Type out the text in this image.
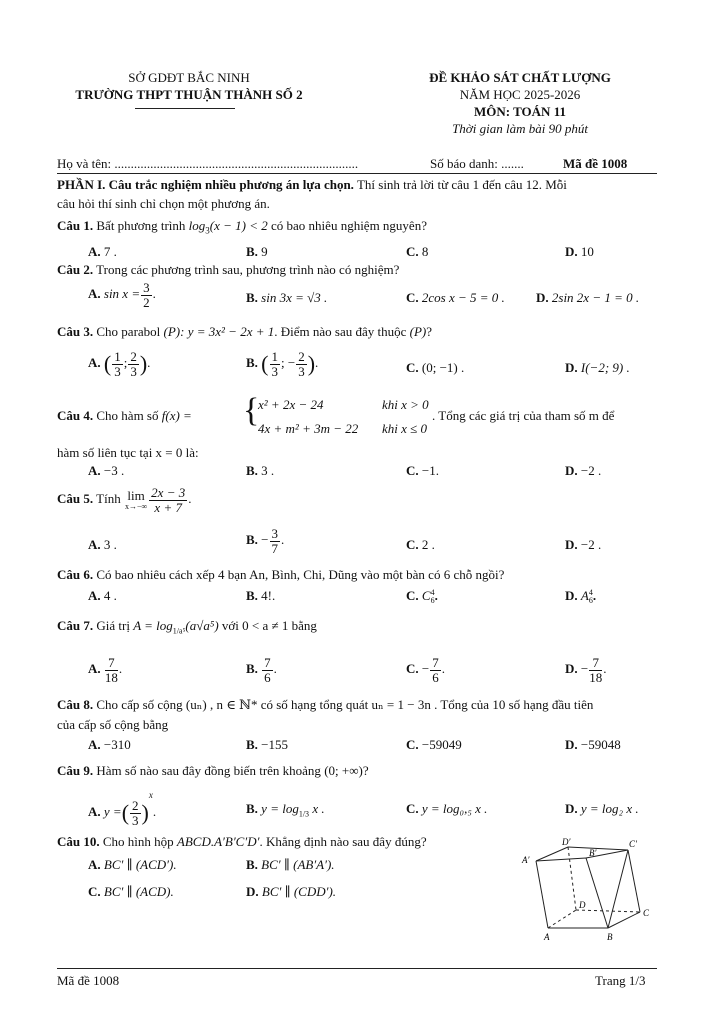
SỞ GDĐT BẮC NINH
TRƯỜNG THPT THUẬN THÀNH SỐ 2
ĐỀ KHẢO SÁT CHẤT LƯỢNG
NĂM HỌC 2025-2026
MÔN: TOÁN 11
Thời gian làm bài 90 phút
Họ và tên: ...........................................................................	Số báo danh: .......	Mã đề 1008
PHẦN I. Câu trắc nghiệm nhiều phương án lựa chọn. Thí sinh trả lời từ câu 1 đến câu 12. Mỗi
câu hỏi thí sinh chỉ chọn một phương án.
Câu 1. Bất phương trình $\log_3(x - 1) < 2$ có bao nhiêu nghiệm nguyên?
A. 7 .	B. 9	C. 8	D. 10
Câu 2. Trong các phương trình sau, phương trình nào có nghiệm?
A. $\sin x = \frac{3}{2}$ .	B. sin 3x = √3 .	C. 2cos x − 5 = 0 . D. 2sin 2x − 1 = 0 .
Câu 3. Cho parabol (P): y = 3x² − 2x + 1. Điểm nào sau đây thuộc (P)?
A. ( $\frac{1}{3}$ ; $\frac{2}{3}$ ).	B. ( $\frac{1}{3}$ ; − $\frac{2}{3}$ ).	C. (0; −1) .	D. I(−2; 9) .
Câu 4. Cho hàm số f(x) = {
x² + 2x − 24	khi x > 0
4x + m² + 3m − 22 khi x ≤ 0
. Tổng các giá trị của tham số m để
hàm số liên tục tại x = 0 là:
A. −3 .	B. 3 .	C. −1.	D. −2 .
Câu 5. Tính lim
$x\to-\infty \frac{2x - 3}{x + 7}$ .
A. 3 .	B. − $\frac{3}{7}$ .	C. 2 .	D. −2 .
Câu 6. Có bao nhiêu cách xếp 4 bạn An, Bình, Chi, Dũng vào một bàn có 6 chỗ ngồi?
A. 4 .	B. 4!.	C. C 4
6 .	D. A 4
6 .
Câu 7. Giá trị $A = \log_{1/a^5}(a√a^5)$ với 0 < a ≠ 1 bằng
A. $\frac{7}{18}$ .	B. $\frac{7}{6}$ .	C. − $\frac{7}{6}$ .	D. − $\frac{7}{18}$ .
Câu 8. Cho cấp số cộng (uₙ) , n ∈ ℕ* có số hạng tổng quát uₙ = 1 − 3n . Tổng của 10 số hạng đầu tiên
của cấp số cộng bằng
A. −310	B. −155	C. −59049	D. −59048
Câu 9. Hàm số nào sau đây đồng biến trên khoảng (0; +∞)?
A. y =( $\frac{2}{3} )^x$.	B. $y = \log_{1/3} x$ .	C. y = log₀,₅ x .	D. y = log₂ x .
Câu 10. Cho hình hộp ABCD.A′B′C′D′. Khẳng định nào sau đây đúng?
A. BC′ ∥ (ACD′).	B. BC′ ∥ (AB′A′).
C. BC′ ∥ (ACD).	D. BC′ ∥ (CDD′).
A′
B′
C′
D′
A	B
C
D
Mã đề 1008	Trang 1/3
